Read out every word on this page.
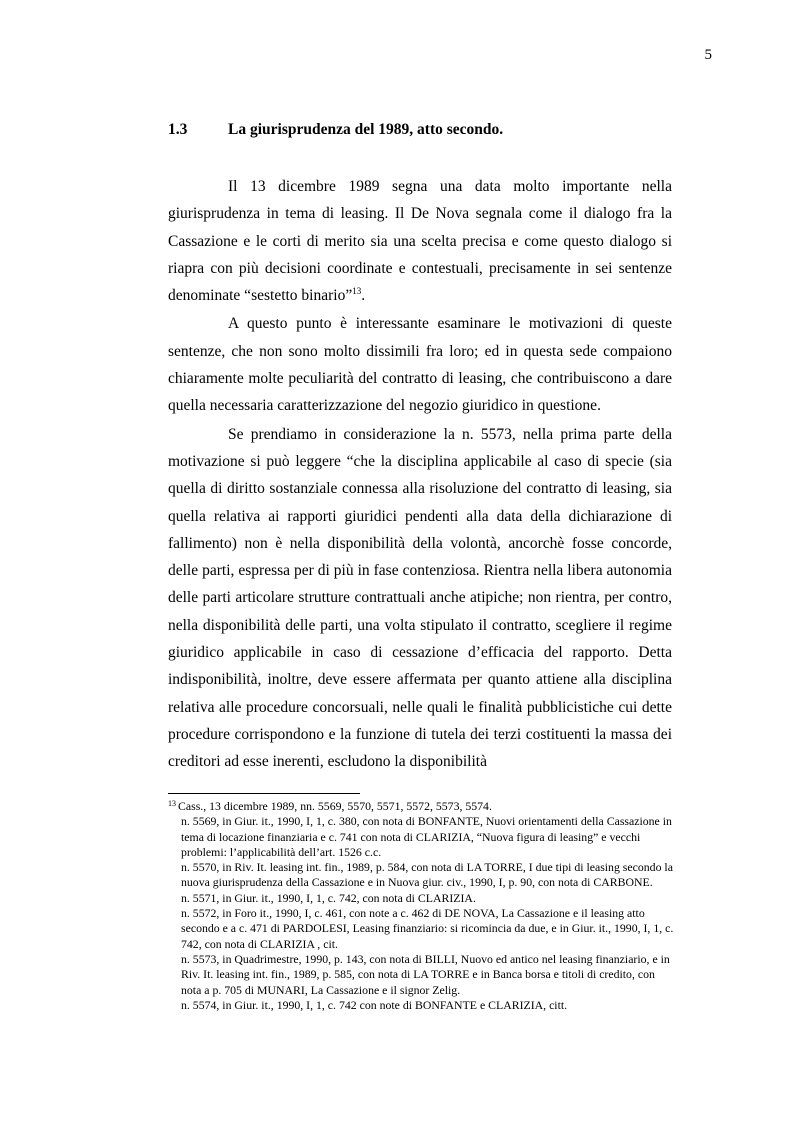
5
1.3	La giurisprudenza del 1989, atto secondo.

Il 13 dicembre 1989 segna una data molto importante nella giurisprudenza in tema di leasing. Il De Nova segnala come il dialogo fra la Cassazione e le corti di merito sia una scelta precisa e come questo dialogo si riapra con più decisioni coordinate e contestuali, precisamente in sei sentenze denominate “sestetto binario”$^{13}$.

A questo punto è interessante esaminare le motivazioni di queste sentenze, che non sono molto dissimili fra loro; ed in questa sede compaiono chiaramente molte peculiarità del contratto di leasing, che contribuiscono a dare quella necessaria caratterizzazione del negozio giuridico in questione.

Se prendiamo in considerazione la n. 5573, nella prima parte della motivazione si può leggere “che la disciplina applicabile al caso di specie (sia quella di diritto sostanziale connessa alla risoluzione del contratto di leasing, sia quella relativa ai rapporti giuridici pendenti alla data della dichiarazione di fallimento) non è nella disponibilità della volontà, ancorchè fosse concorde, delle parti, espressa per di più in fase contenziosa. Rientra nella libera autonomia delle parti articolare strutture contrattuali anche atipiche; non rientra, per contro, nella disponibilità delle parti, una volta stipulato il contratto, scegliere il regime giuridico applicabile in caso di cessazione d’efficacia del rapporto. Detta indisponibilità, inoltre, deve essere affermata per quanto attiene alla disciplina relativa alle procedure concorsuali, nelle quali le finalità pubblicistiche cui dette procedure corrispondono e la funzione di tutela dei terzi costituenti la massa dei creditori ad esse inerenti, escludono la disponibilità

$^{13}$ Cass., 13 dicembre 1989, nn. 5569, 5570, 5571, 5572, 5573, 5574.
n. 5569, in Giur. it., 1990, I, 1, c. 380, con nota di BONFANTE, Nuovi orientamenti della Cassazione in tema di locazione finanziaria e c. 741 con nota di CLARIZIA, “Nuova figura di leasing” e vecchi problemi: l’applicabilità dell’art. 1526 c.c.
n. 5570, in Riv. It. leasing int. fin., 1989, p. 584, con nota di LA TORRE, I due tipi di leasing secondo la nuova giurisprudenza della Cassazione e in Nuova giur. civ., 1990, I, p. 90, con nota di CARBONE.
n. 5571, in Giur. it., 1990, I, 1, c. 742, con nota di CLARIZIA.
n. 5572, in Foro it., 1990, I, c. 461, con note a c. 462 di DE NOVA, La Cassazione e il leasing atto secondo e a c. 471 di PARDOLESI, Leasing finanziario: si ricomincia da due, e in Giur. it., 1990, I, 1, c. 742, con nota di CLARIZIA , cit.
n. 5573, in Quadrimestre, 1990, p. 143, con nota di BILLI, Nuovo ed antico nel leasing finanziario, e in Riv. It. leasing int. fin., 1989, p. 585, con nota di LA TORRE e in Banca borsa e titoli di credito, con nota a p. 705 di MUNARI, La Cassazione e il signor Zelig.
n. 5574, in Giur. it., 1990, I, 1, c. 742 con note di BONFANTE e CLARIZIA, citt.
